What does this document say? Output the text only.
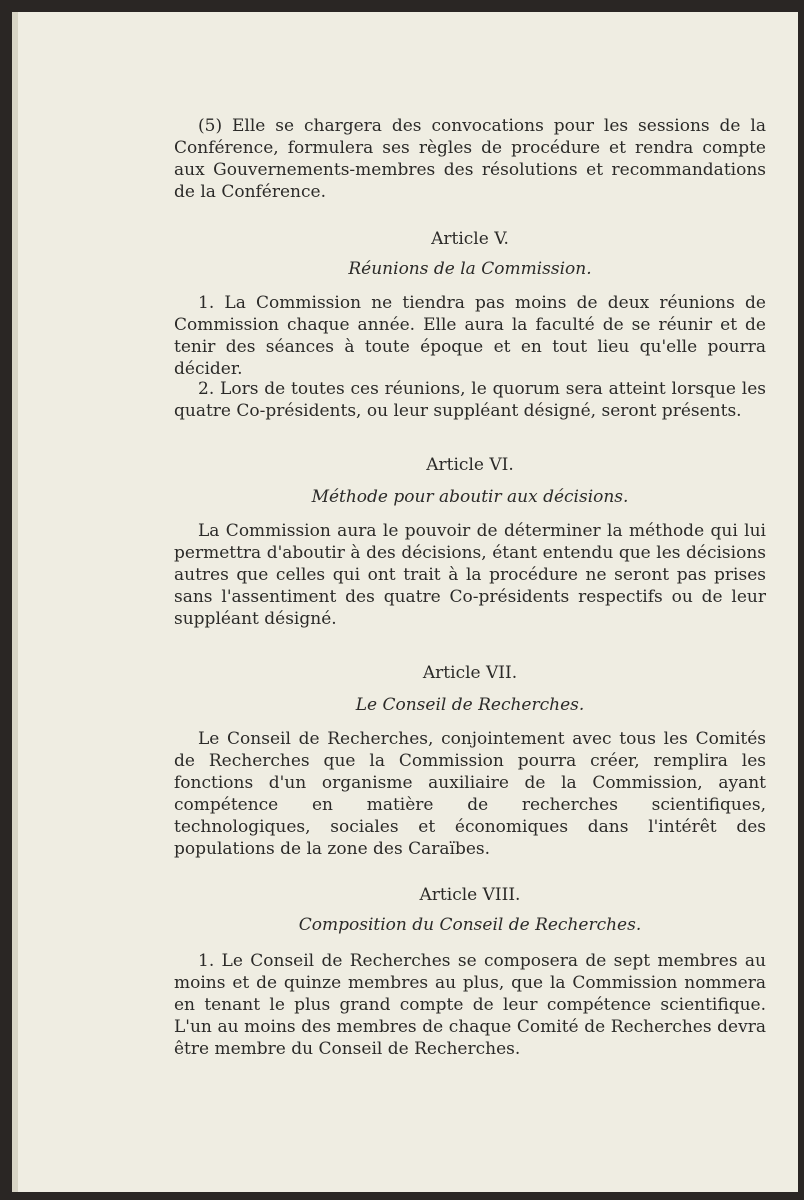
(5) Elle se chargera des convocations pour les sessions de la Conférence, formulera ses règles de procédure et rendra compte aux Gouvernements-membres des résolutions et recommandations de la Conférence.

Article V.

Réunions de la Commission.

1. La Commission ne tiendra pas moins de deux réunions de Commission chaque année. Elle aura la faculté de se réunir et de tenir des séances à toute époque et en tout lieu qu'elle pourra décider.

2. Lors de toutes ces réunions, le quorum sera atteint lorsque les quatre Co-présidents, ou leur suppléant désigné, seront présents.

Article VI.

Méthode pour aboutir aux décisions.

La Commission aura le pouvoir de déterminer la méthode qui lui permettra d'aboutir à des décisions, étant entendu que les décisions autres que celles qui ont trait à la procédure ne seront pas prises sans l'assentiment des quatre Co-présidents respectifs ou de leur suppléant désigné.

Article VII.

Le Conseil de Recherches.

Le Conseil de Recherches, conjointement avec tous les Comités de Recherches que la Commission pourra créer, remplira les fonctions d'un organisme auxiliaire de la Commission, ayant compétence en matière de recherches scientifiques, technologiques, sociales et économiques dans l'intérêt des populations de la zone des Caraïbes.

Article VIII.

Composition du Conseil de Recherches.

1. Le Conseil de Recherches se composera de sept membres au moins et de quinze membres au plus, que la Commission nommera en tenant le plus grand compte de leur compétence scientifique. L'un au moins des membres de chaque Comité de Recherches devra être membre du Conseil de Recherches.
